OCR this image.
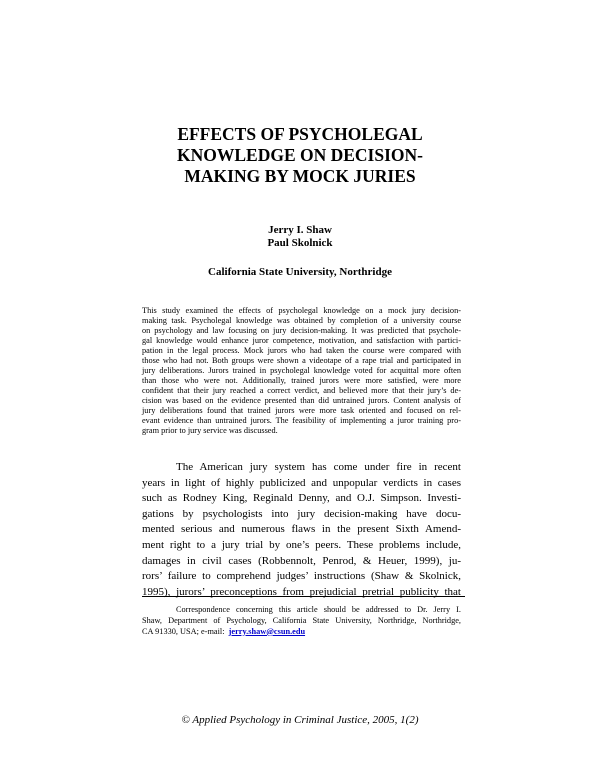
EFFECTS OF PSYCHOLEGAL
KNOWLEDGE ON DECISION-
MAKING BY MOCK JURIES
Jerry I. Shaw
Paul Skolnick
California State University, Northridge
This study examined the effects of psycholegal knowledge on a mock jury decision-
making task. Psycholegal knowledge was obtained by completion of a university course
on psychology and law focusing on jury decision-making. It was predicted that psychole-
gal knowledge would enhance juror competence, motivation, and satisfaction with partici-
pation in the legal process. Mock jurors who had taken the course were compared with
those who had not. Both groups were shown a videotape of a rape trial and participated in
jury deliberations. Jurors trained in psycholegal knowledge voted for acquittal more often
than those who were not. Additionally, trained jurors were more satisfied, were more
confident that their jury reached a correct verdict, and believed more that their jury’s de-
cision was based on the evidence presented than did untrained jurors. Content analysis of
jury deliberations found that trained jurors were more task oriented and focused on rel-
evant evidence than untrained jurors. The feasibility of implementing a juror training pro-
gram prior to jury service was discussed.
The American jury system has come under fire in recent
years in light of highly publicized and unpopular verdicts in cases
such as Rodney King, Reginald Denny, and O.J. Simpson. Investi-
gations by psychologists into jury decision-making have docu-
mented serious and numerous flaws in the present Sixth Amend-
ment right to a jury trial by one’s peers. These problems include,
damages in civil cases (Robbennolt, Penrod, & Heuer, 1999), ju-
rors’ failure to comprehend judges’ instructions (Shaw & Skolnick,
1995), jurors’ preconceptions from prejudicial pretrial publicity that
Correspondence concerning this article should be addressed to Dr. Jerry I.
Shaw, Department of Psychology, California State University, Northridge, Northridge,
CA 91330, USA; e-mail:  jerry.shaw@csun.edu
© Applied Psychology in Criminal Justice, 2005, 1(2)
